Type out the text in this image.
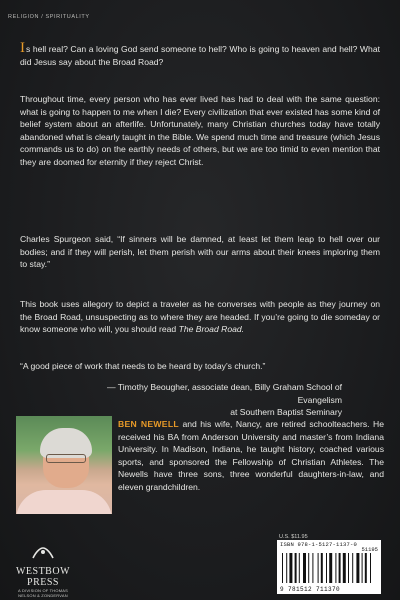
RELIGION / SPIRITUALITY
Is hell real? Can a loving God send someone to hell? Who is going to heaven and hell? What did Jesus say about the Broad Road?
Throughout time, every person who has ever lived has had to deal with the same question: what is going to happen to me when I die? Every civilization that ever existed has some kind of belief system about an afterlife. Unfortunately, many Christian churches today have totally abandoned what is clearly taught in the Bible. We spend much time and treasure (which Jesus commands us to do) on the earthly needs of others, but we are too timid to even mention that they are doomed for eternity if they reject Christ.
Charles Spurgeon said, “If sinners will be damned, at least let them leap to hell over our bodies; and if they will perish, let them perish with our arms about their knees imploring them to stay.”
This book uses allegory to depict a traveler as he converses with people as they journey on the Broad Road, unsuspecting as to where they are headed. If you’re going to die someday or know someone who will, you should read The Broad Road.
“A good piece of work that needs to be heard by today’s church.”
— Timothy Beougher, associate dean, Billy Graham School of Evangelism
at Southern Baptist Seminary
BEN NEWELL and his wife, Nancy, are retired schoolteachers. He received his BA from Anderson University and master’s from Indiana University. In Madison, Indiana, he taught history, coached various sports, and sponsored the Fellowship of Christian Athletes. The Newells have three sons, three wonderful daughters-in-law, and eleven grandchildren.
WESTBOW PRESS
A DIVISION OF THOMAS NELSON & ZONDERVAN
U.S. $11.95
ISBN 978-1-5127-1137-0
51195
9 781512 711370
